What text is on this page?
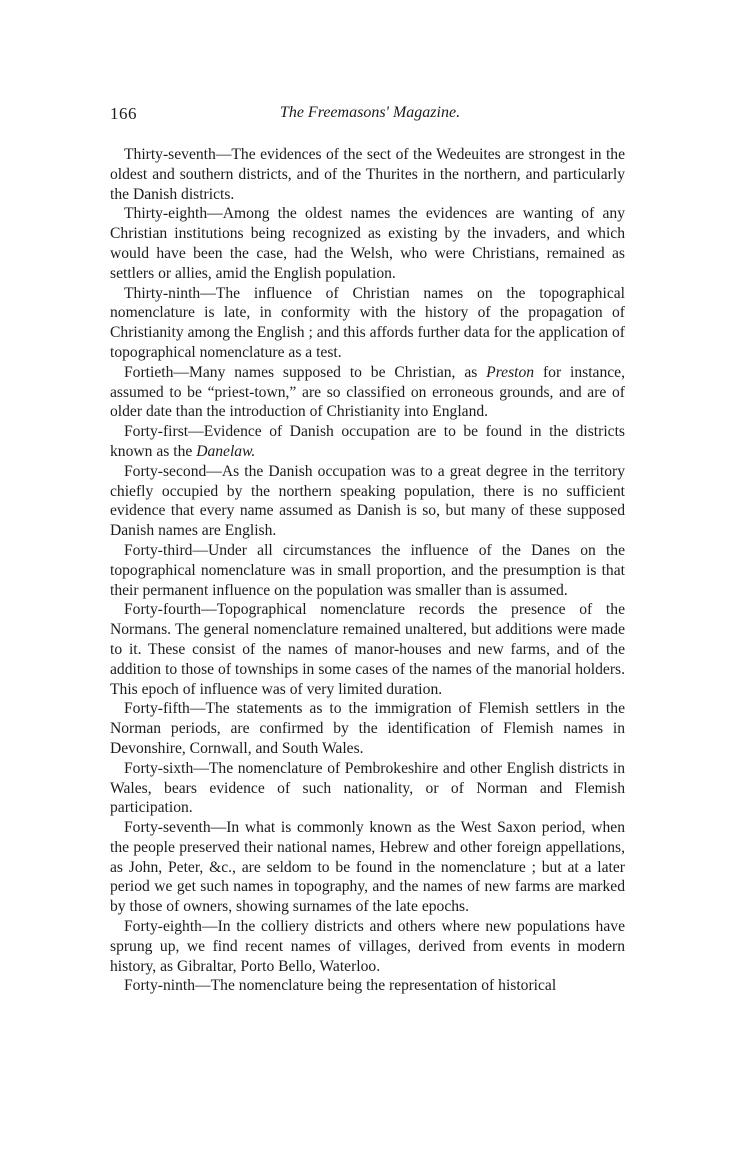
166	The Freemasons' Magazine.

Thirty-seventh—The evidences of the sect of the Wedeuites are strongest in the oldest and southern districts, and of the Thurites in the northern, and particularly the Danish districts.

Thirty-eighth—Among the oldest names the evidences are wanting of any Christian institutions being recognized as existing by the invaders, and which would have been the case, had the Welsh, who were Christians, remained as settlers or allies, amid the English population.

Thirty-ninth—The influence of Christian names on the topographical nomenclature is late, in conformity with the history of the propagation of Christianity among the English ; and this affords further data for the application of topographical nomenclature as a test.

Fortieth—Many names supposed to be Christian, as Preston for instance, assumed to be “priest-town,” are so classified on erroneous grounds, and are of older date than the introduction of Christianity into England.

Forty-first—Evidence of Danish occupation are to be found in the districts known as the Danelaw.

Forty-second—As the Danish occupation was to a great degree in the territory chiefly occupied by the northern speaking population, there is no sufficient evidence that every name assumed as Danish is so, but many of these supposed Danish names are English.

Forty-third—Under all circumstances the influence of the Danes on the topographical nomenclature was in small proportion, and the presumption is that their permanent influence on the population was smaller than is assumed.

Forty-fourth—Topographical nomenclature records the presence of the Normans. The general nomenclature remained unaltered, but additions were made to it. These consist of the names of manor-houses and new farms, and of the addition to those of townships in some cases of the names of the manorial holders. This epoch of influence was of very limited duration.

Forty-fifth—The statements as to the immigration of Flemish settlers in the Norman periods, are confirmed by the identification of Flemish names in Devonshire, Cornwall, and South Wales.

Forty-sixth—The nomenclature of Pembrokeshire and other English districts in Wales, bears evidence of such nationality, or of Norman and Flemish participation.

Forty-seventh—In what is commonly known as the West Saxon period, when the people preserved their national names, Hebrew and other foreign appellations, as John, Peter, &c., are seldom to be found in the nomenclature ; but at a later period we get such names in topography, and the names of new farms are marked by those of owners, showing surnames of the late epochs.

Forty-eighth—In the colliery districts and others where new populations have sprung up, we find recent names of villages, derived from events in modern history, as Gibraltar, Porto Bello, Waterloo.

Forty-ninth—The nomenclature being the representation of historical
